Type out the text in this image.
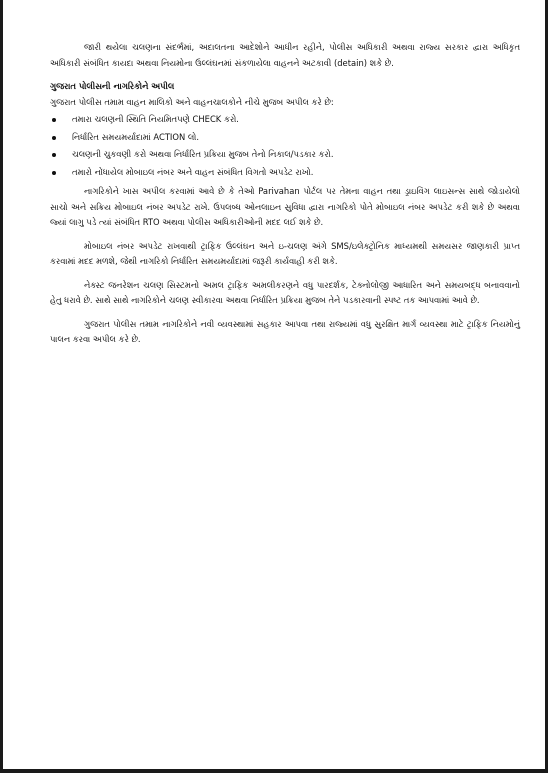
જારી થયેલા ચલણના સંદર્ભમાં, અદાલતના આદેશોને આધીન રહીને, પોલીસ અધિકારી અથવા રાજ્ય સરકાર દ્વારા અધિકૃત અધિકારી સંબંધિત કાયદા અથવા નિયમોના ઉલ્લંઘનમાં સંકળાયેલા વાહનને અટકાવી (detain) શકે છે.

ગુજરાત પોલીસની નાગરિકોને અપીલ

ગુજરાત પોલીસ તમામ વાહન માલિકો અને વાહનચાલકોને નીચે મુજબ અપીલ કરે છે:

તમારા ચલણની સ્થિતિ નિયમિતપણે CHECK કરો.
નિર્ધારિત સમયમર્યાદામાં ACTION લો.
ચલણની ચુકવણી કરો અથવા નિર્ધારિત પ્રક્રિયા મુજબ તેનો નિકાલ/પડકાર કરો.
તમારો નોંધાયેલ મોબાઇલ નંબર અને વાહન સંબંધિત વિગતો અપડેટ રાખો.

નાગરિકોને ખાસ અપીલ કરવામાં આવે છે કે તેઓ Parivahan પોર્ટલ પર તેમના વાહન તથા ડ્રાઇવિંગ લાઇસન્સ સાથે જોડાયેલો સાચો અને સક્રિય મોબાઇલ નંબર અપડેટ રાખે. ઉપલબ્ધ ઓનલાઇન સુવિધા દ્વારા નાગરિકો પોતે મોબાઇલ નંબર અપડેટ કરી શકે છે અથવા જ્યાં લાગુ પડે ત્યાં સંબંધિત RTO અથવા પોલીસ અધિકારીઓની મદદ લઈ શકે છે.

મોબાઇલ નંબર અપડેટ રાખવાથી ટ્રાફિક ઉલ્લંઘન અને ઇ-ચલણ અંગે SMS/ઇલેક્ટ્રોનિક માધ્યમથી સમયસર જાણકારી પ્રાપ્ત કરવામાં મદદ મળશે, જેથી નાગરિકો નિર્ધારિત સમયમર્યાદામાં જરૂરી કાર્યવાહી કરી શકે.

નેક્સ્ટ જનરેશન ચલણ સિસ્ટમનો અમલ ટ્રાફિક અમલીકરણને વધુ પારદર્શક, ટેક્નોલોજી આધારિત અને સમયબદ્ધ બનાવવાનો હેતુ ધરાવે છે. સાથે સાથે નાગરિકોને ચલણ સ્વીકારવા અથવા નિર્ધારિત પ્રક્રિયા મુજબ તેને પડકારવાની સ્પષ્ટ તક આપવામાં આવે છે.

ગુજરાત પોલીસ તમામ નાગરિકોને નવી વ્યવસ્થામાં સહકાર આપવા તથા રાજ્યમાં વધુ સુરક્ષિત માર્ગ વ્યવસ્થા માટે ટ્રાફિક નિયમોનું પાલન કરવા અપીલ કરે છે.
